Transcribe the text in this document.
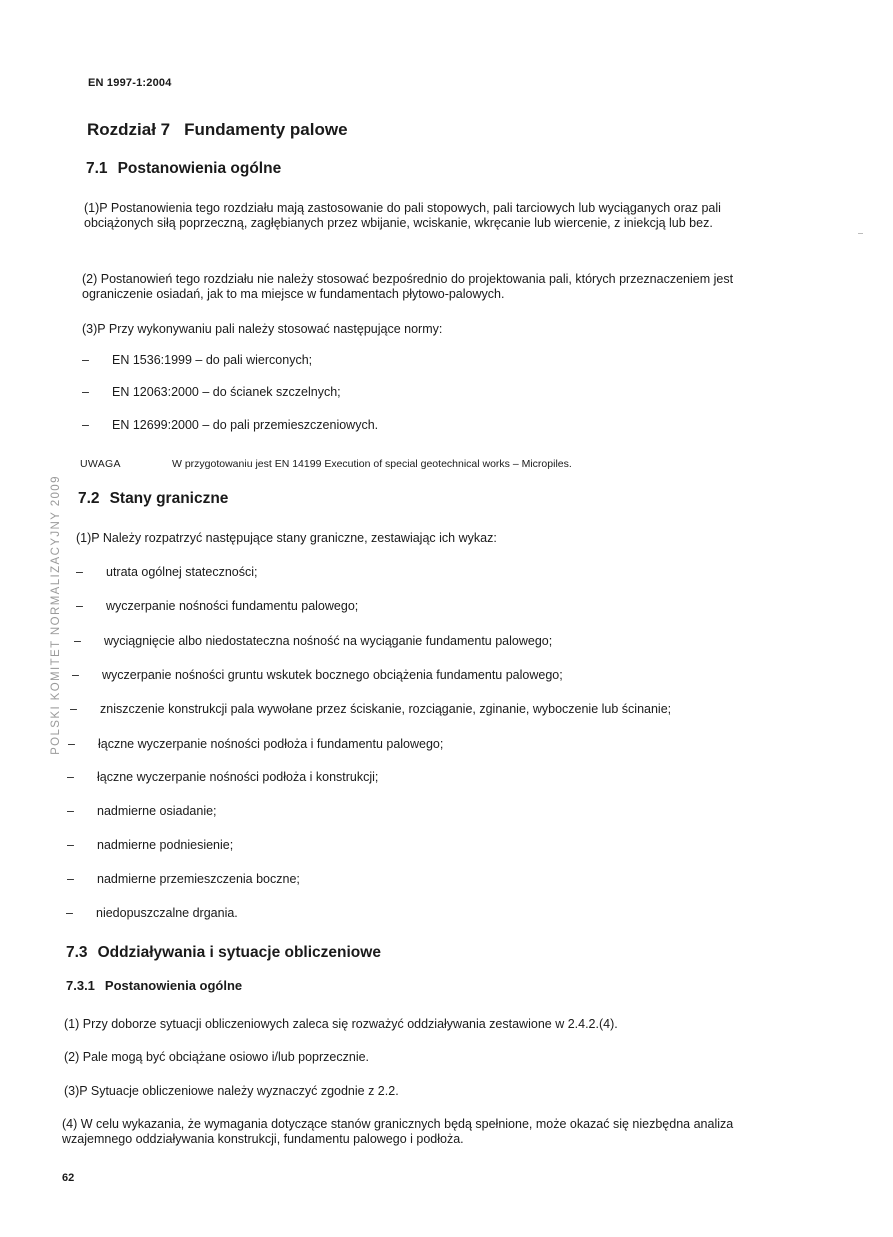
EN 1997-1:2004
Rozdział 7 Fundamenty palowe
7.1 Postanowienia ogólne
(1)P Postanowienia tego rozdziału mają zastosowanie do pali stopowych, pali tarciowych lub wyciąganych oraz pali obciążonych siłą poprzeczną, zagłębianych przez wbijanie, wciskanie, wkręcanie lub wiercenie, z iniekcją lub bez.
(2) Postanowień tego rozdziału nie należy stosować bezpośrednio do projektowania pali, których przeznaczeniem jest ograniczenie osiadań, jak to ma miejsce w fundamentach płytowo-palowych.
(3)P Przy wykonywaniu pali należy stosować następujące normy:
– EN 1536:1999 – do pali wierconych;
– EN 12063:2000 – do ścianek szczelnych;
– EN 12699:2000 – do pali przemieszczeniowych.
UWAGA	W przygotowaniu jest EN 14199 Execution of special geotechnical works – Micropiles.
7.2 Stany graniczne
(1)P Należy rozpatrzyć następujące stany graniczne, zestawiając ich wykaz:
– utrata ogólnej stateczności;
– wyczerpanie nośności fundamentu palowego;
– wyciągnięcie albo niedostateczna nośność na wyciąganie fundamentu palowego;
– wyczerpanie nośności gruntu wskutek bocznego obciążenia fundamentu palowego;
– zniszczenie konstrukcji pala wywołane przez ściskanie, rozciąganie, zginanie, wyboczenie lub ścinanie;
– łączne wyczerpanie nośności podłoża i fundamentu palowego;
– łączne wyczerpanie nośności podłoża i konstrukcji;
– nadmierne osiadanie;
– nadmierne podniesienie;
– nadmierne przemieszczenia boczne;
– niedopuszczalne drgania.
7.3 Oddziaływania i sytuacje obliczeniowe
7.3.1 Postanowienia ogólne
(1) Przy doborze sytuacji obliczeniowych zaleca się rozważyć oddziaływania zestawione w 2.4.2.(4).
(2) Pale mogą być obciążane osiowo i/lub poprzecznie.
(3)P Sytuacje obliczeniowe należy wyznaczyć zgodnie z 2.2.
(4) W celu wykazania, że wymagania dotyczące stanów granicznych będą spełnione, może okazać się niezbędna analiza wzajemnego oddziaływania konstrukcji, fundamentu palowego i podłoża.
POLSKI KOMITET NORMALIZACYJNY 2009
62
